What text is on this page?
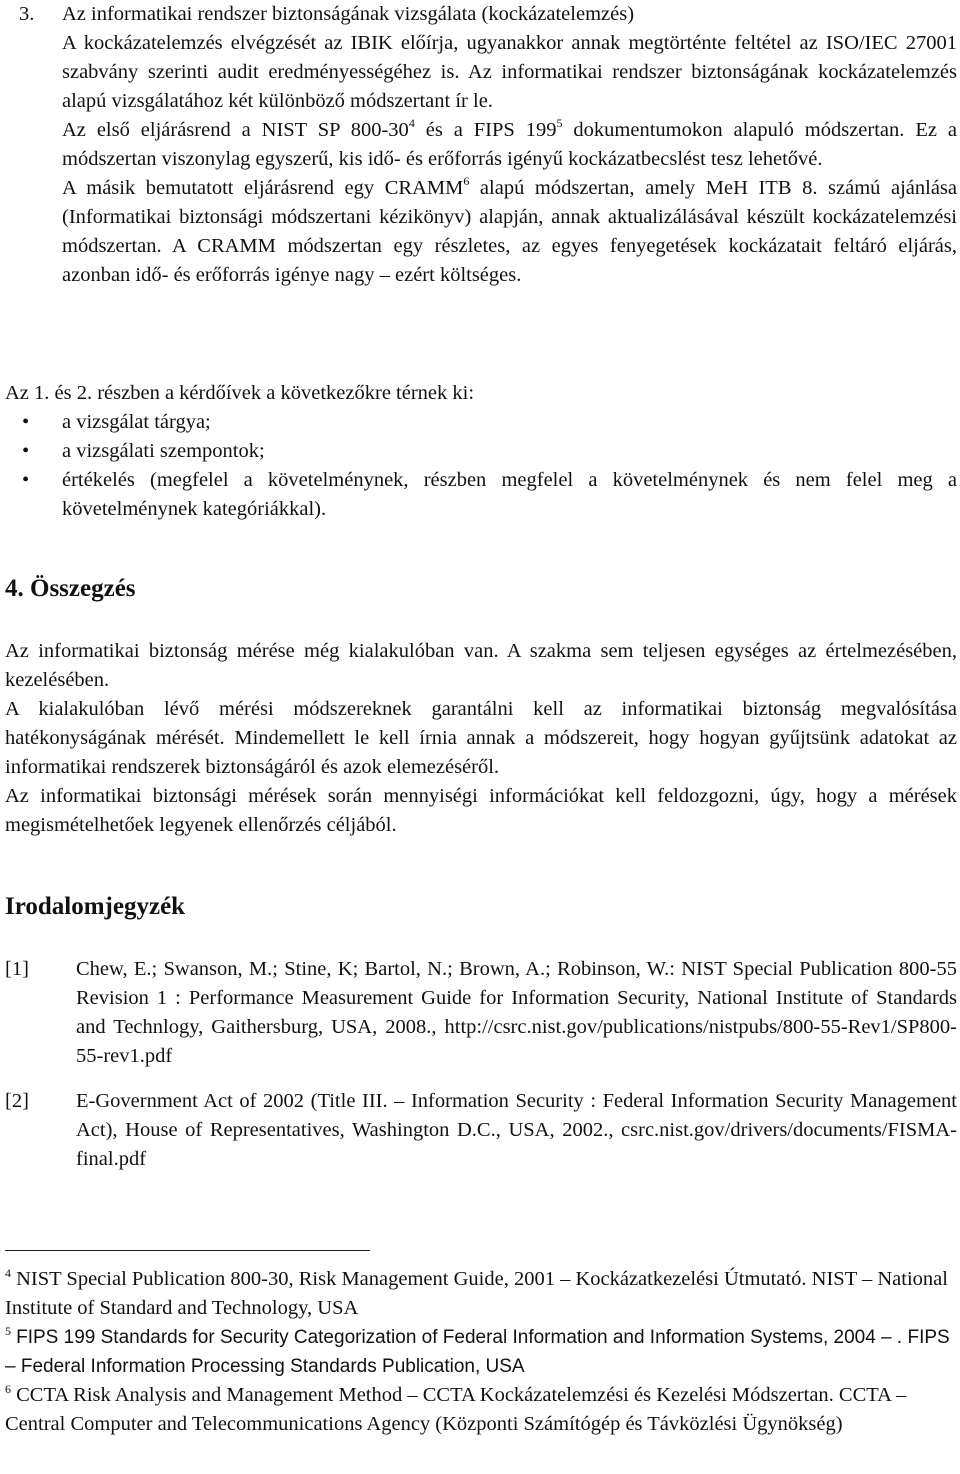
3. Az informatikai rendszer biztonságának vizsgálata (kockázatelemzés)

A kockázatelemzés elvégzését az IBIK előírja, ugyanakkor annak megtörténte feltétel az ISO/IEC 27001 szabvány szerinti audit eredményességéhez is. Az informatikai rendszer biztonságának kockázatelemzés alapú vizsgálatához két különböző módszertant ír le.

Az első eljárásrend a NIST SP $800-30^4$ és a FIPS $199^5$ dokumentumokon alapuló módszertan. Ez a módszertan viszonylag egyszerű, kis idő- és erőforrás igényű kockázatbecslést tesz lehetővé.

A másik bemutatott eljárásrend egy CRAMM$^6$ alapú módszertan, amely MeH ITB 8. számú ajánlása (Informatikai biztonsági módszertani kézikönyv) alapján, annak aktualizálásával készült kockázatelemzési módszertan. A CRAMM módszertan egy részletes, az egyes fenyegetések kockázatait feltáró eljárás, azonban idő- és erőforrás igénye nagy – ezért költséges.

Az 1. és 2. részben a kérdőívek a következőkre térnek ki:

• a vizsgálat tárgya;
• a vizsgálati szempontok;
• értékelés (megfelel a követelménynek, részben megfelel a követelménynek és nem felel meg a követelménynek kategóriákkal).
4. Összegzés

Az informatikai biztonság mérése még kialakulóban van. A szakma sem teljesen egységes az értelmezésében, kezelésében.

A kialakulóban lévő mérési módszereknek garantálni kell az informatikai biztonság megvalósítása hatékonyságának mérését. Mindemellett le kell írnia annak a módszereit, hogy hogyan gyűjtsünk adatokat az informatikai rendszerek biztonságáról és azok elemezéséről.

Az informatikai biztonsági mérések során mennyiségi információkat kell feldozgozni, úgy, hogy a mérések megismételhetőek legyenek ellenőrzés céljából.

Irodalomjegyzék
[1] Chew, E.; Swanson, M.; Stine, K; Bartol, N.; Brown, A.; Robinson, W.: NIST Special Publication 800-55 Revision 1 : Performance Measurement Guide for Information Security, National Institute of Standards and Technlogy, Gaithersburg, USA, 2008., http://csrc.nist.gov/publications/nistpubs/800-55-Rev1/SP800-55-rev1.pdf

[2] E-Government Act of 2002 (Title III. – Information Security : Federal Information Security Management Act), House of Representatives, Washington D.C., USA, 2002., csrc.nist.gov/drivers/documents/FISMA-final.pdf

$^4$ NIST Special Publication 800-30, Risk Management Guide, 2001 – Kockázatkezelési Útmutató. NIST – National Institute of Standard and Technology, USA

$^5$ FIPS 199 Standards for Security Categorization of Federal Information and Information Systems, 2004 – . FIPS – Federal Information Processing Standards Publication, USA

$^6$ CCTA Risk Analysis and Management Method – CCTA Kockázatelemzési és Kezelési Módszertan. CCTA –Central Computer and Telecommunications Agency (Központi Számítógép és Távközlési Ügynökség)
